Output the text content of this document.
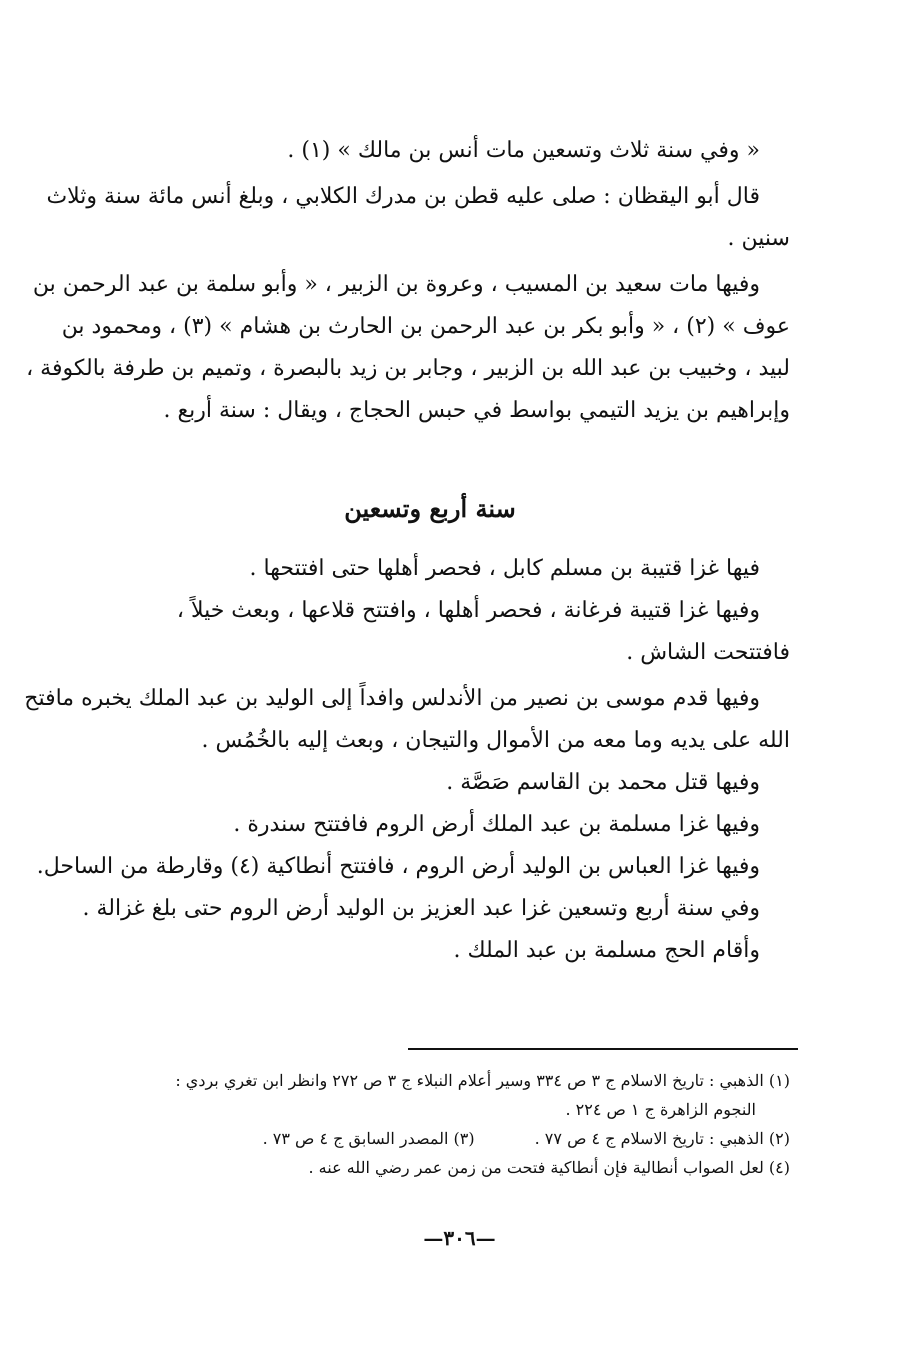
« وفي سنة ثلاث وتسعين مات أنس بن مالك » (١) .
قال أبو اليقظان : صلى عليه قطن بن مدرك الكلابي ، وبلغ أنس مائة سنة وثلاث
سنين .
وفيها مات سعيد بن المسيب ، وعروة بن الزبير ، « وأبو سلمة بن عبد الرحمن بن
عوف » (٢) ، « وأبو بكر بن عبد الرحمن بن الحارث بن هشام » (٣) ، ومحمود بن
لبيد ، وخبيب بن عبد الله بن الزبير ، وجابر بن زيد بالبصرة ، وتميم بن طرفة بالكوفة ،
وإبراهيم بن يزيد التيمي بواسط في حبس الحجاج ، ويقال : سنة أربع .
سنة أربع وتسعين
فيها غزا قتيبة بن مسلم كابل ، فحصر أهلها حتى افتتحها .
وفيها غزا قتيبة فرغانة ، فحصر أهلها ، وافتتح قلاعها ، وبعث خيلاً ،
فافتتحت الشاش .
وفيها قدم موسى بن نصير من الأندلس وافداً إلى الوليد بن عبد الملك يخبره مافتح
الله على يديه وما معه من الأموال والتيجان ، وبعث إليه بالخُمُس .
وفيها قتل محمد بن القاسم صَصَّة .
وفيها غزا مسلمة بن عبد الملك أرض الروم فافتتح سندرة .
وفيها غزا العباس بن الوليد أرض الروم ، فافتتح أنطاكية (٤) وقارطة من الساحل.
وفي سنة أربع وتسعين غزا عبد العزيز بن الوليد أرض الروم حتى بلغ غزالة .
وأقام الحج مسلمة بن عبد الملك .
(١) الذهبي : تاريخ الاسلام ج ٣ ص ٣٣٤ وسير أعلام النبلاء ج ٣ ص ٢٧٢ وانظر ابن تغري بردي :
النجوم الزاهرة ج ١ ص ٢٢٤ .
(٢) الذهبي : تاريخ الاسلام ج ٤ ص ٧٧ .
(٣) المصدر السابق ج ٤ ص ٧٣ .
(٤) لعل الصواب أنطالية فإن أنطاكية فتحت من زمن عمر رضي الله عنه .
—٣٠٦—
